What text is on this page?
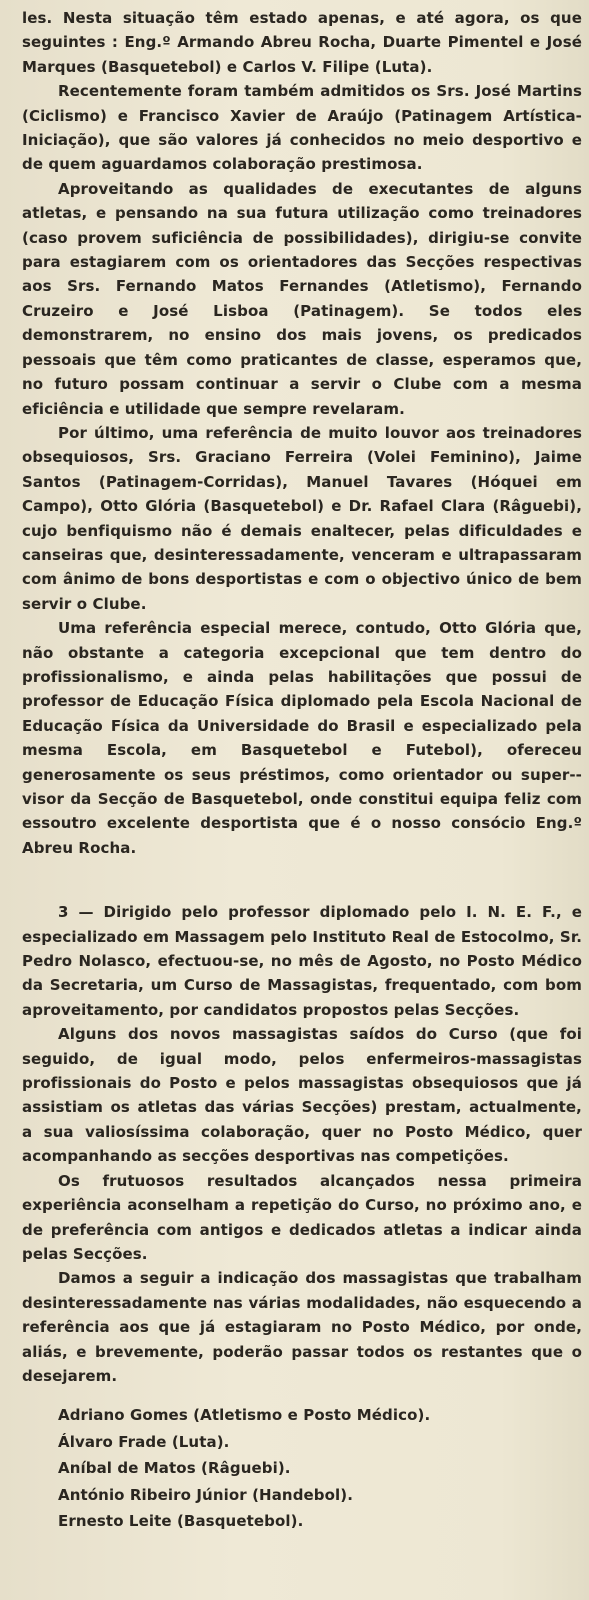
les. Nesta situação têm estado apenas, e até agora, os que seguintes : Eng.º Armando Abreu Rocha, Duarte Pimentel e José Marques (Basquetebol) e Carlos V. Filipe (Luta).

Recentemente foram também admitidos os Srs. José Martins (Ciclismo) e Francisco Xavier de Araújo (Patinagem Artística-Iniciação), que são valores já conhecidos no meio desportivo e de quem aguardamos colaboração prestimosa.

Aproveitando as qualidades de executantes de alguns atletas, e pensando na sua futura utilização como treinadores (caso provem suficiência de possibilidades), dirigiu-se convite para estagiarem com os orientadores das Secções respectivas aos Srs. Fernando Matos Fernandes (Atletismo), Fernando Cruzeiro e José Lisboa (Patinagem). Se todos eles demonstrarem, no ensino dos mais jovens, os predicados pessoais que têm como praticantes de classe, esperamos que, no futuro possam continuar a servir o Clube com a mesma eficiência e utilidade que sempre revelaram.

Por último, uma referência de muito louvor aos treinadores obsequiosos, Srs. Graciano Ferreira (Volei Feminino), Jaime Santos (Patinagem-Corridas), Manuel Tavares (Hóquei em Campo), Otto Glória (Basquetebol) e Dr. Rafael Clara (Râguebi), cujo benfiquismo não é demais enaltecer, pelas dificuldades e canseiras que, desinteressadamente, venceram e ultrapassaram com ânimo de bons desportistas e com o objectivo único de bem servir o Clube.

Uma referência especial merece, contudo, Otto Glória que, não obstante a categoria excepcional que tem dentro do profissionalismo, e ainda pelas habilitações que possui de professor de Educação Física diplomado pela Escola Nacional de Educação Física da Universidade do Brasil e especializado pela mesma Escola, em Basquetebol e Futebol), ofereceu generosamente os seus préstimos, como orientador ou super--visor da Secção de Basquetebol, onde constitui equipa feliz com essoutro excelente desportista que é o nosso consócio Eng.º Abreu Rocha.

3 — Dirigido pelo professor diplomado pelo I. N. E. F., e especializado em Massagem pelo Instituto Real de Estocolmo, Sr. Pedro Nolasco, efectuou-se, no mês de Agosto, no Posto Médico da Secretaria, um Curso de Massagistas, frequentado, com bom aproveitamento, por candidatos propostos pelas Secções.

Alguns dos novos massagistas saídos do Curso (que foi seguido, de igual modo, pelos enfermeiros-massagistas profissionais do Posto e pelos massagistas obsequiosos que já assistiam os atletas das várias Secções) prestam, actualmente, a sua valiosíssima colaboração, quer no Posto Médico, quer acompanhando as secções desportivas nas competições.

Os frutuosos resultados alcançados nessa primeira experiência aconselham a repetição do Curso, no próximo ano, e de preferência com antigos e dedicados atletas a indicar ainda pelas Secções.

Damos a seguir a indicação dos massagistas que trabalham desinteressadamente nas várias modalidades, não esquecendo a referência aos que já estagiaram no Posto Médico, por onde, aliás, e brevemente, poderão passar todos os restantes que o desejarem.

Adriano Gomes (Atletismo e Posto Médico).
Álvaro Frade (Luta).
Aníbal de Matos (Râguebi).
António Ribeiro Júnior (Handebol).
Ernesto Leite (Basquetebol).
